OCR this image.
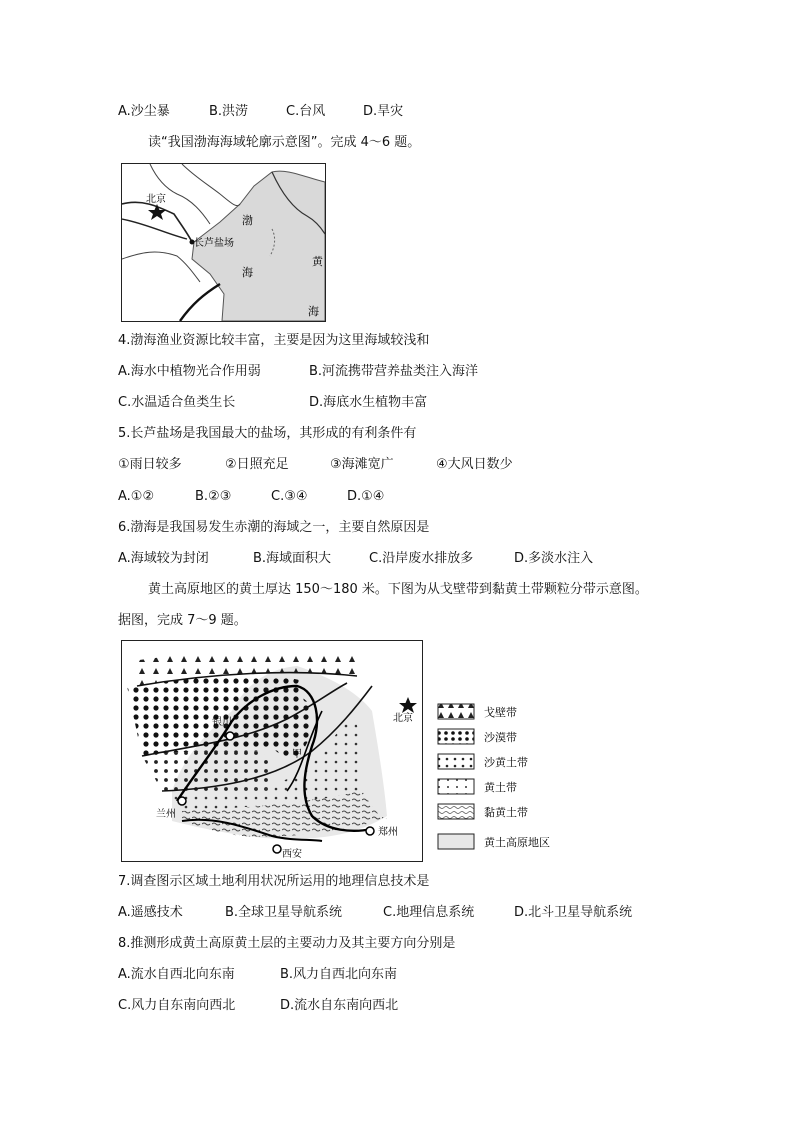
A.沙尘暴	B.洪涝	C.台风	D.旱灾
读“我国渤海海域轮廓示意图”。完成 4～6 题。
北京
长芦盐场
渤
海
黄
海
4.渤海渔业资源比较丰富，主要是因为这里海域较浅和
A.海水中植物光合作用弱	B.河流携带营养盐类注入海洋
C.水温适合鱼类生长	D.海底水生植物丰富
5.长芦盐场是我国最大的盐场，其形成的有利条件有
①雨日较多	②日照充足	③海滩宽广	④大风日数少
A.①②	B.②③	C.③④	D.①④
6.渤海是我国易发生赤潮的海域之一，主要自然原因是
A.海域较为封闭	B.海域面积大	C.沿岸废水排放多	D.多淡水注入
黄土高原地区的黄土厚达 150～180 米。下图为从戈壁带到黏黄土带颗粒分带示意图。
据图，完成 7～9 题。
银川
兰州
西安
郑州
北京
甲
戈壁带
沙漠带
沙黄土带
黄土带
黏黄土带
黄土高原地区
7.调查图示区域土地利用状况所运用的地理信息技术是
A.遥感技术	B.全球卫星导航系统	C.地理信息系统	D.北斗卫星导航系统
8.推测形成黄土高原黄土层的主要动力及其主要方向分别是
A.流水自西北向东南	B.风力自西北向东南
C.风力自东南向西北	D.流水自东南向西北
